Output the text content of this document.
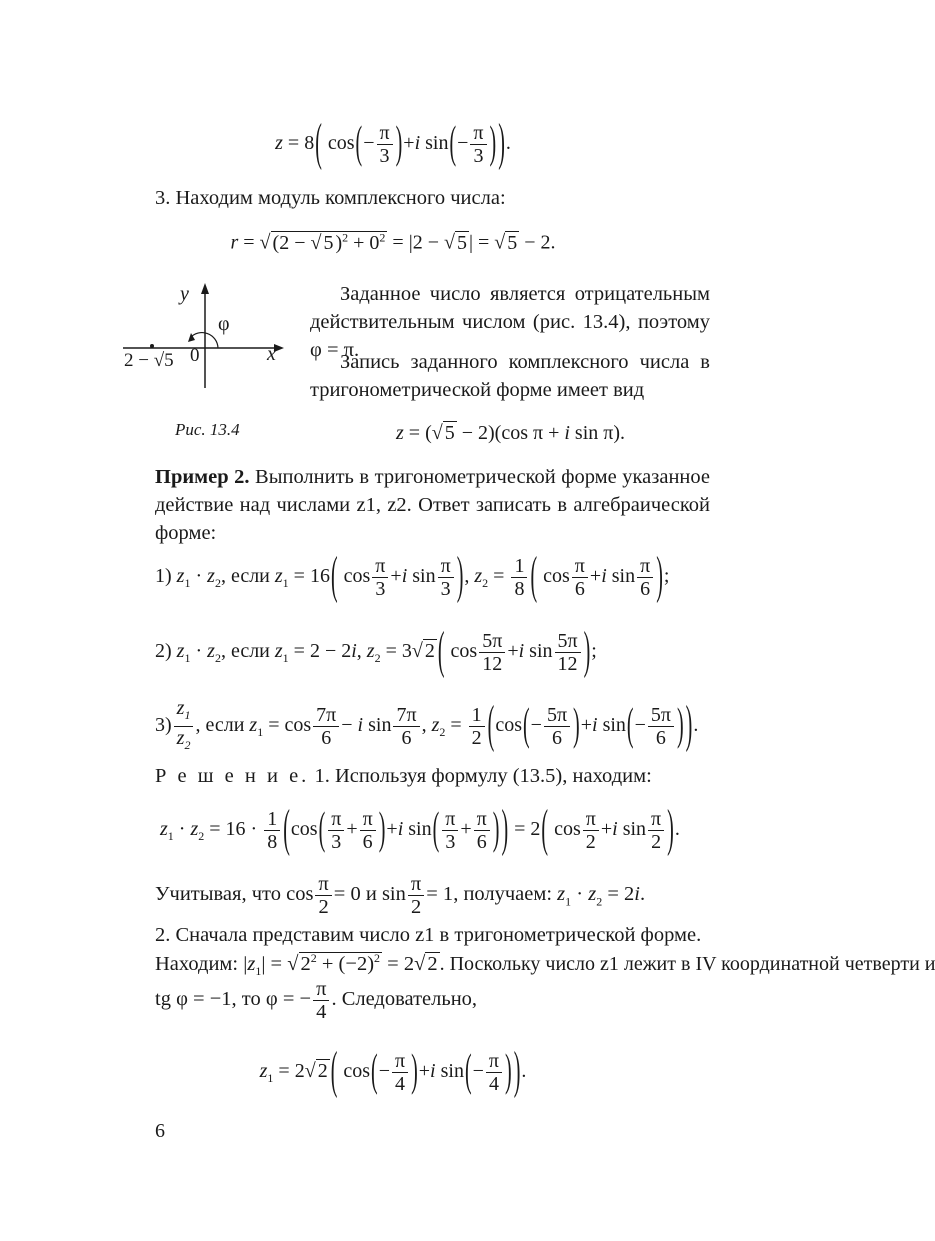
z = 8( $\cos(- \frac{\pi}{3} )+i$ $\sin(- \frac{\pi}{3}$ ) ).
3. Находим модуль комплексного числа:
r = √ (2 − √ 5 )$^2 + 0^2 = |2$ − √ 5 | = √ 5 − 2.
y
x
φ
0
2 − √5
Рис. 13.4
Заданное число является отрицательным действительным числом (рис. 13.4), поэтому φ = π.
Запись заданного комплексного числа в тригонометрической форме имеет вид
z = (√ 5 − 2)(cos π + i sin π).
Пример 2. Выполнить в тригонометрической форме указанное действие над числами z1, z2. Ответ записать в алгебраической форме:
1) $z_1 \cdot z_2$, если $z_1 = 16$( $\cos \frac{\pi}{3} +i$ $\sin \frac{\pi}{3}$ ), $z_2 = \frac{1}{8}$ ( $\cos \frac{\pi}{6} +i$ $\sin \frac{\pi}{6}$ );
2) $z_1 \cdot z_2$, если $z_1 = 2 - 2i$, $z_2 = 3√$ 2 ( $\cos \frac{5\pi}{12} +i$ $\sin \frac{5\pi}{12}$ );
$3) \frac{z_1}{z_2}$ , если $z_1 = \cos \frac{7\pi}{6} - i$ $\sin \frac{7\pi}{6}$ , $z_2 = \frac{1}{2} (\cos(- \frac{5\pi}{6} )+i$ $\sin(- \frac{5\pi}{6}$ ) ).
Р е ш е н и е. 1. Используя формулу (13.5), находим:
$z_1 \cdot z_2 = 16 \cdot \frac{1}{8} (\cos( \frac{\pi}{3} + \frac{\pi}{6} )+i$ $\sin( \frac{\pi}{3} + \frac{\pi}{6}$ ) ) = 2( $\cos \frac{\pi}{2} +i$ $\sin \frac{\pi}{2}$ ).
Учитывая, что $\cos \frac{\pi}{2} = 0$ и $\sin \frac{\pi}{2} = 1$, получаем: $z_1 \cdot z_2 = 2i$.
2. Сначала представим число z1 в тригонометрической форме.
Находим: $|z_1| = √2^2 + (-2)^2 = 2√2$ . Поскольку число z1 лежит в IV координатной четверти и
tg φ = −1, то φ = − $\frac{\pi}{4}$ . Следовательно,
$z_1 = 2√$ 2 ( $\cos(- \frac{\pi}{4} )+i$ $\sin(- \frac{\pi}{4}$ ) ).
6
